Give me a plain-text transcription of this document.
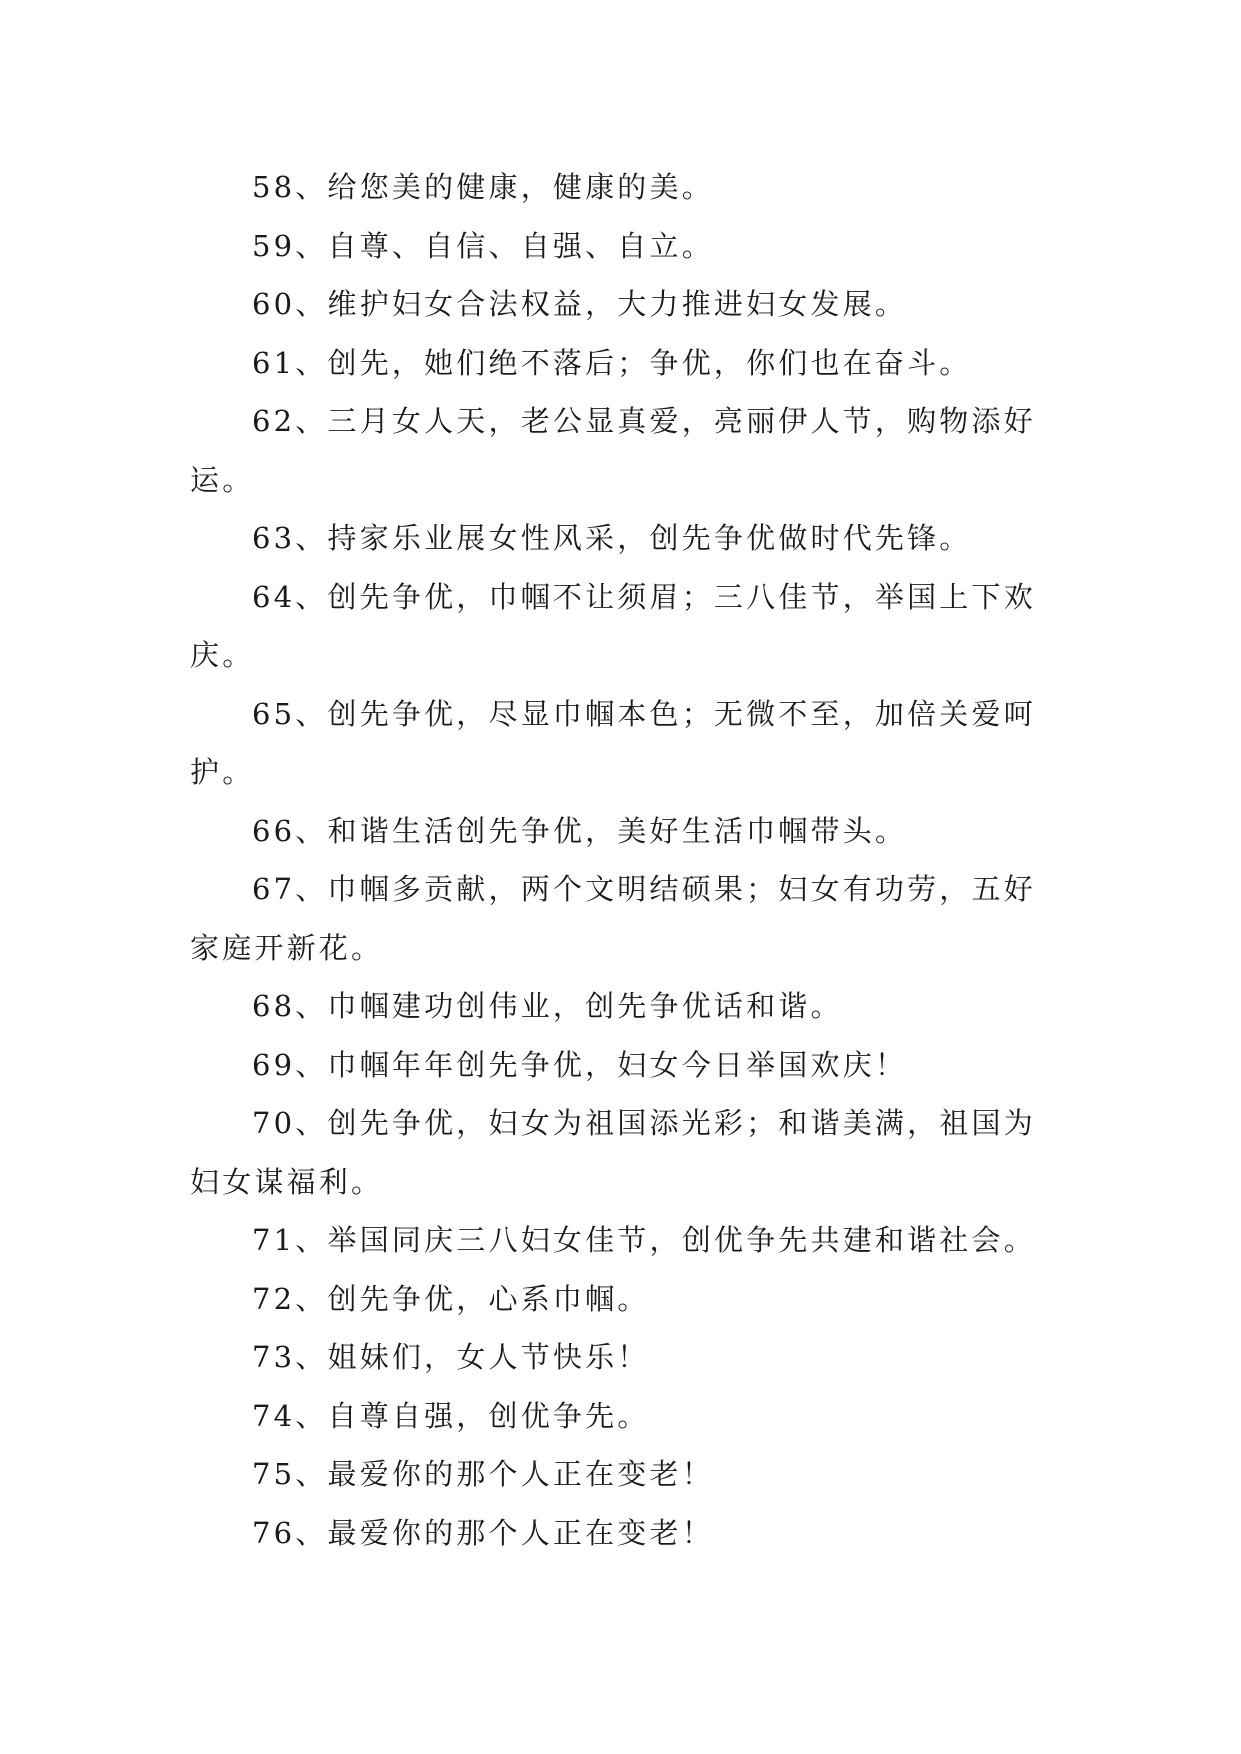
58、给您美的健康，健康的美。

59、自尊、自信、自强、自立。

60、维护妇女合法权益，大力推进妇女发展。

61、创先，她们绝不落后；争优，你们也在奋斗。

62、三月女人天，老公显真爱，亮丽伊人节，购物添好运。

63、持家乐业展女性风采，创先争优做时代先锋。

64、创先争优，巾帼不让须眉；三八佳节，举国上下欢庆。

65、创先争优，尽显巾帼本色；无微不至，加倍关爱呵护。

66、和谐生活创先争优，美好生活巾帼带头。

67、巾帼多贡献，两个文明结硕果；妇女有功劳，五好家庭开新花。

68、巾帼建功创伟业，创先争优话和谐。

69、巾帼年年创先争优，妇女今日举国欢庆！

70、创先争优，妇女为祖国添光彩；和谐美满，祖国为妇女谋福利。

71、举国同庆三八妇女佳节，创优争先共建和谐社会。

72、创先争优，心系巾帼。

73、姐妹们，女人节快乐！

74、自尊自强，创优争先。

75、最爱你的那个人正在变老！

76、最爱你的那个人正在变老！
